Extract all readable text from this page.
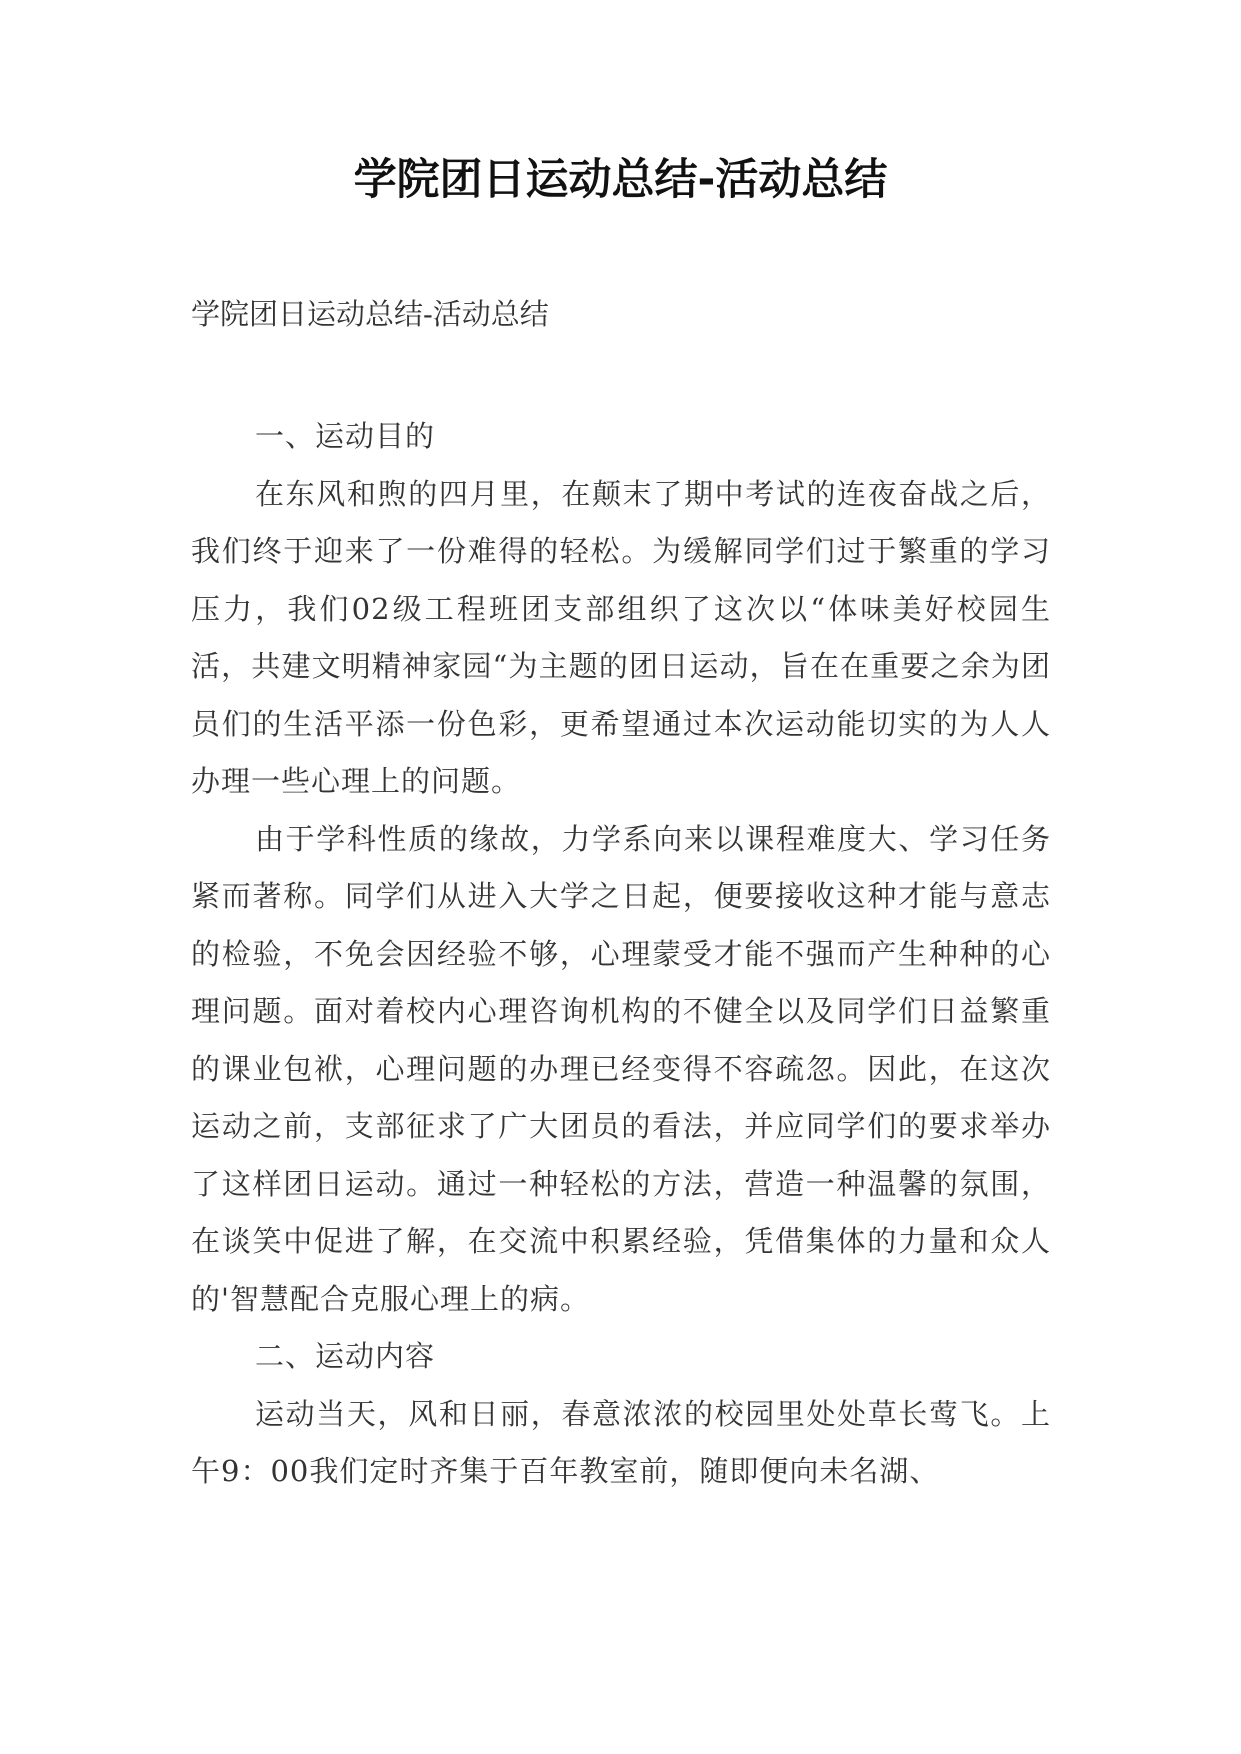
学院团日运动总结-活动总结

学院团日运动总结-活动总结

一、运动目的

在东风和煦的四月里，在颠末了期中考试的连夜奋战之后，我们终于迎来了一份难得的轻松。为缓解同学们过于繁重的学习压力，我们02级工程班团支部组织了这次以“体味美好校园生活，共建文明精神家园“为主题的团日运动，旨在在重要之余为团员们的生活平添一份色彩，更希望通过本次运动能切实的为人人办理一些心理上的问题。

由于学科性质的缘故，力学系向来以课程难度大、学习任务紧而著称。同学们从进入大学之日起，便要接收这种才能与意志的检验，不免会因经验不够，心理蒙受才能不强而产生种种的心理问题。面对着校内心理咨询机构的不健全以及同学们日益繁重的课业包袱，心理问题的办理已经变得不容疏忽。因此，在这次运动之前，支部征求了广大团员的看法，并应同学们的要求举办了这样团日运动。通过一种轻松的方法，营造一种温馨的氛围，在谈笑中促进了解，在交流中积累经验，凭借集体的力量和众人的'智慧配合克服心理上的病。

二、运动内容

运动当天，风和日丽，春意浓浓的校园里处处草长莺飞。上午9：00我们定时齐集于百年教室前，随即便向未名湖、
